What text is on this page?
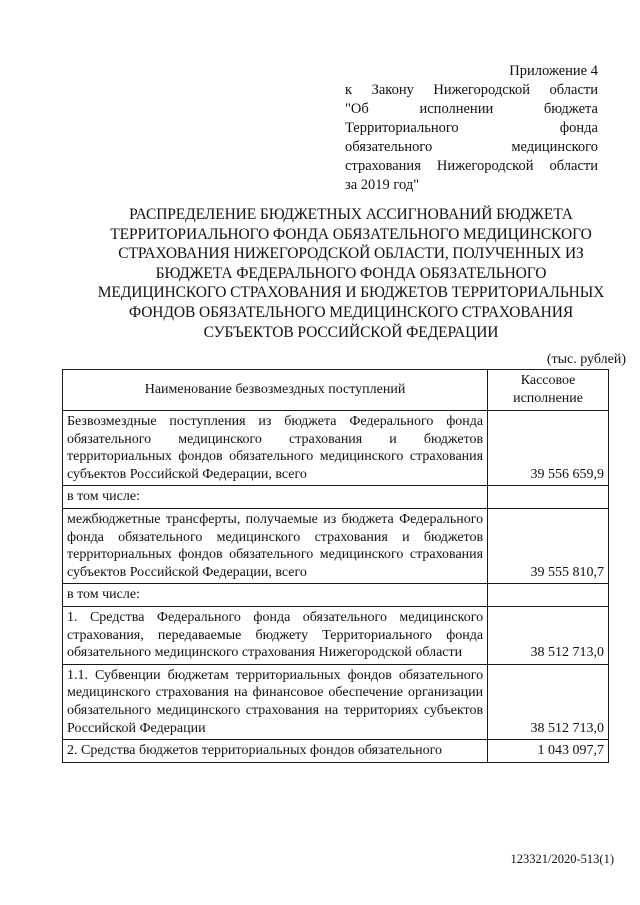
Приложение 4
к Закону Нижегородской области
"Об исполнении бюджета
Территориального фонда
обязательного медицинского
страхования Нижегородской области
за 2019 год"
РАСПРЕДЕЛЕНИЕ БЮДЖЕТНЫХ АССИГНОВАНИЙ БЮДЖЕТА
ТЕРРИТОРИАЛЬНОГО ФОНДА ОБЯЗАТЕЛЬНОГО МЕДИЦИНСКОГО
СТРАХОВАНИЯ НИЖЕГОРОДСКОЙ ОБЛАСТИ, ПОЛУЧЕННЫХ ИЗ
БЮДЖЕТА ФЕДЕРАЛЬНОГО ФОНДА ОБЯЗАТЕЛЬНОГО
МЕДИЦИНСКОГО СТРАХОВАНИЯ И БЮДЖЕТОВ ТЕРРИТОРИАЛЬНЫХ
ФОНДОВ ОБЯЗАТЕЛЬНОГО МЕДИЦИНСКОГО СТРАХОВАНИЯ
СУБЪЕКТОВ РОССИЙСКОЙ ФЕДЕРАЦИИ
(тыс. рублей)
Наименование безвозмездных поступлений	Кассовое исполнение
Безвозмездные поступления из бюджета Федерального фонда обязательного медицинского страхования и бюджетов территориальных фондов обязательного медицинского страхования субъектов Российской Федерации, всего	39 556 659,9
в том числе:	
межбюджетные трансферты, получаемые из бюджета Федерального фонда обязательного медицинского страхования и бюджетов территориальных фондов обязательного медицинского страхования субъектов Российской Федерации, всего	39 555 810,7
в том числе:	
1. Средства Федерального фонда обязательного медицинского страхования, передаваемые бюджету Территориального фонда обязательного медицинского страхования Нижегородской области	38 512 713,0
1.1. Субвенции бюджетам территориальных фондов обязательного медицинского страхования на финансовое обеспечение организации обязательного медицинского страхования на территориях субъектов Российской Федерации	38 512 713,0
2. Средства бюджетов территориальных фондов обязательного	1 043 097,7
123321/2020-513(1)
